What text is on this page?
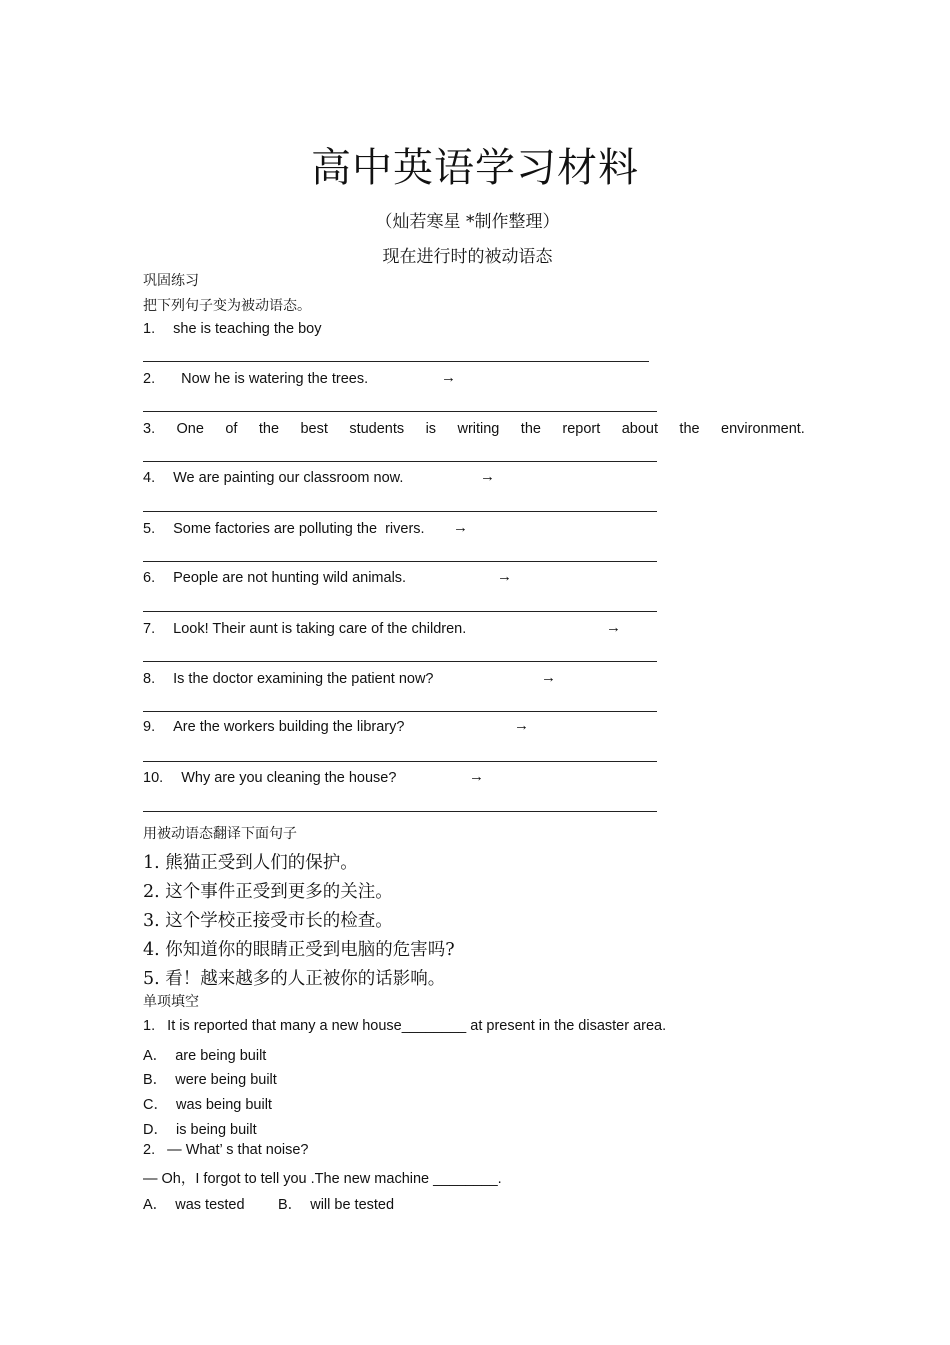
高中英语学习材料
（灿若寒星 *制作整理）
现在进行时的被动语态
巩固练习
把下列句子变为被动语态。
1. she is teaching the boy
2. Now he is watering the trees.	→
3. One of the best students is writing the report about the environment.
4. We are painting our classroom now.	→
5. Some factories are polluting the  rivers. →
6. People are not hunting wild animals.	→
7. Look! Their aunt is taking care of the children.	→
8. Is the doctor examining the patient now?	→
9. Are the workers building the library?	→
10. Why are you cleaning the house?	→
用被动语态翻译下面句子
1. 熊猫正受到人们的保护。
2. 这个事件正受到更多的关注。
3. 这个学校正接受市长的检查。
4. 你知道你的眼睛正受到电脑的危害吗?
5. 看！越来越多的人正被你的话影响。
单项填空
1.   It is reported that many a new house________ at present in the disaster area.
A．  are being built
B．  were being built
C．  was being built
D．  is being built
2.   — What’ s that noise?
— Oh，I forgot to tell you .The new machine ________.
A．  was tested B．  will be tested
